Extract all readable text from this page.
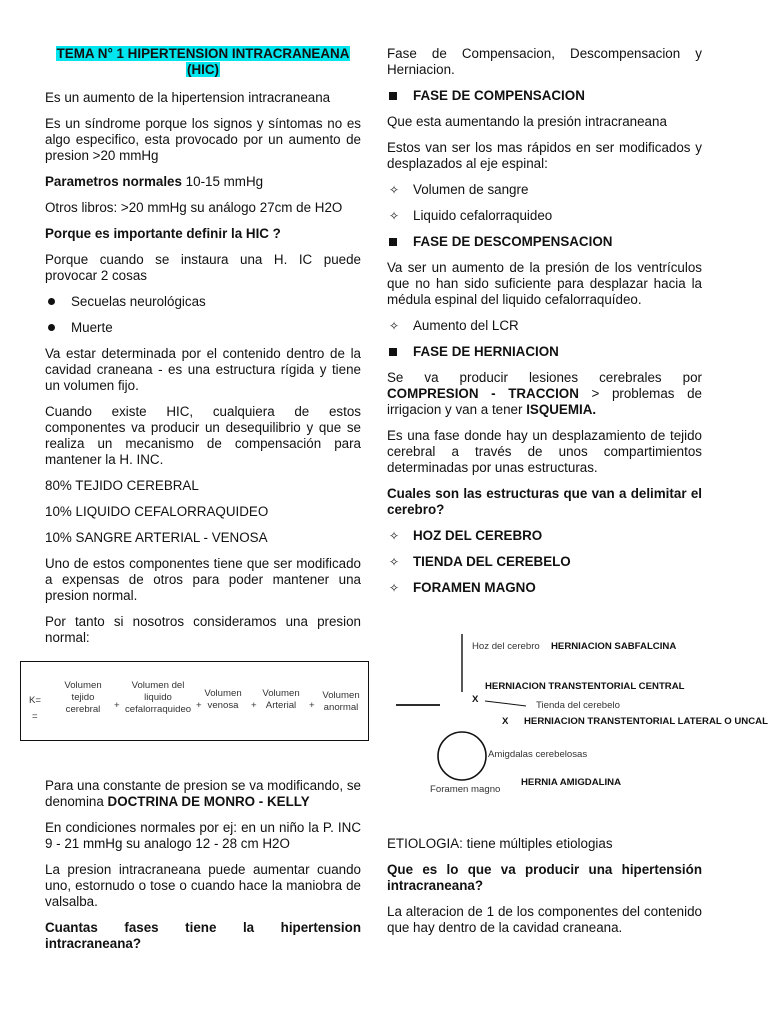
TEMA N° 1 HIPERTENSION INTRACRANEANA
(HIC)

Es un aumento de la hipertension intracraneana

Es un síndrome porque los signos y síntomas no es algo especifico, esta provocado por un aumento de presion >20 mmHg

Parametros normales 10-15 mmHg

Otros libros: >20 mmHg su análogo 27cm de H2O

Porque es importante definir la HIC ?

Porque cuando se instaura una H. IC puede provocar 2 cosas

Secuelas neurológicas
Muerte

Va estar determinada por el contenido dentro de la cavidad craneana - es una estructura rígida y tiene un volumen fijo.

Cuando existe HIC, cualquiera de estos componentes va producir un desequilibrio y que se realiza un mecanismo de compensación para mantener la H. INC.

80% TEJIDO CEREBRAL

10% LIQUIDO CEFALORRAQUIDEO

10% SANGRE ARTERIAL - VENOSA

Uno de estos componentes tiene que ser modificado a expensas de otros para poder mantener una presion normal.

Por tanto si nosotros consideramos una presion normal:

K=
=
Volumen tejido cerebral +
Volumen del liquido cefalorraquideo +
Volumen venosa	+
Volumen Arterial	+
Volumen anormal

Para una constante de presion se va modificando, se denomina DOCTRINA DE MONRO - KELLY

En condiciones normales por ej: en un niño la P. INC 9 - 21 mmHg su analogo 12 - 28 cm H2O

La presion intracraneana puede aumentar cuando uno, estornudo o tose o cuando hace la maniobra de valsalba.

Cuantas fases tiene la hipertension intracraneana?

Fase de Compensacion, Descompensacion y Herniacion.

FASE DE COMPENSACION

Que esta aumentando la presión intracraneana

Estos van ser los mas rápidos en ser modificados y desplazados al eje espinal:

✧ Volumen de sangre
✧ Liquido cefalorraquideo
FASE DE DESCOMPENSACION

Va ser un aumento de la presión de los ventrículos que no han sido suficiente para desplazar hacia la médula espinal del liquido cefalorraquídeo.

✧ Aumento del LCR
FASE DE HERNIACION

Se va producir lesiones cerebrales por COMPRESION - TRACCION > problemas de irrigacion y van a tener ISQUEMIA.

Es una fase donde hay un desplazamiento de tejido cerebral a través de unos compartimientos determinadas por unas estructuras.

Cuales son las estructuras que van a delimitar el cerebro?

✧ HOZ DEL CEREBRO
✧ TIENDA DEL CEREBELO
✧ FORAMEN MAGNO
Hoz del cerebro HERNIACION SABFALCINA
X
HERNIACION TRANSTENTORIAL CENTRAL
Tienda del cerebelo
X HERNIACION TRANSTENTORIAL LATERAL O UNCAL
Amigdalas cerebelosas
HERNIA AMIGDALINA
Foramen magno

ETIOLOGIA: tiene múltiples etiologias

Que es lo que va producir una hipertensión intracraneana?

La alteracion de 1 de los componentes del contenido que hay dentro de la cavidad craneana.
